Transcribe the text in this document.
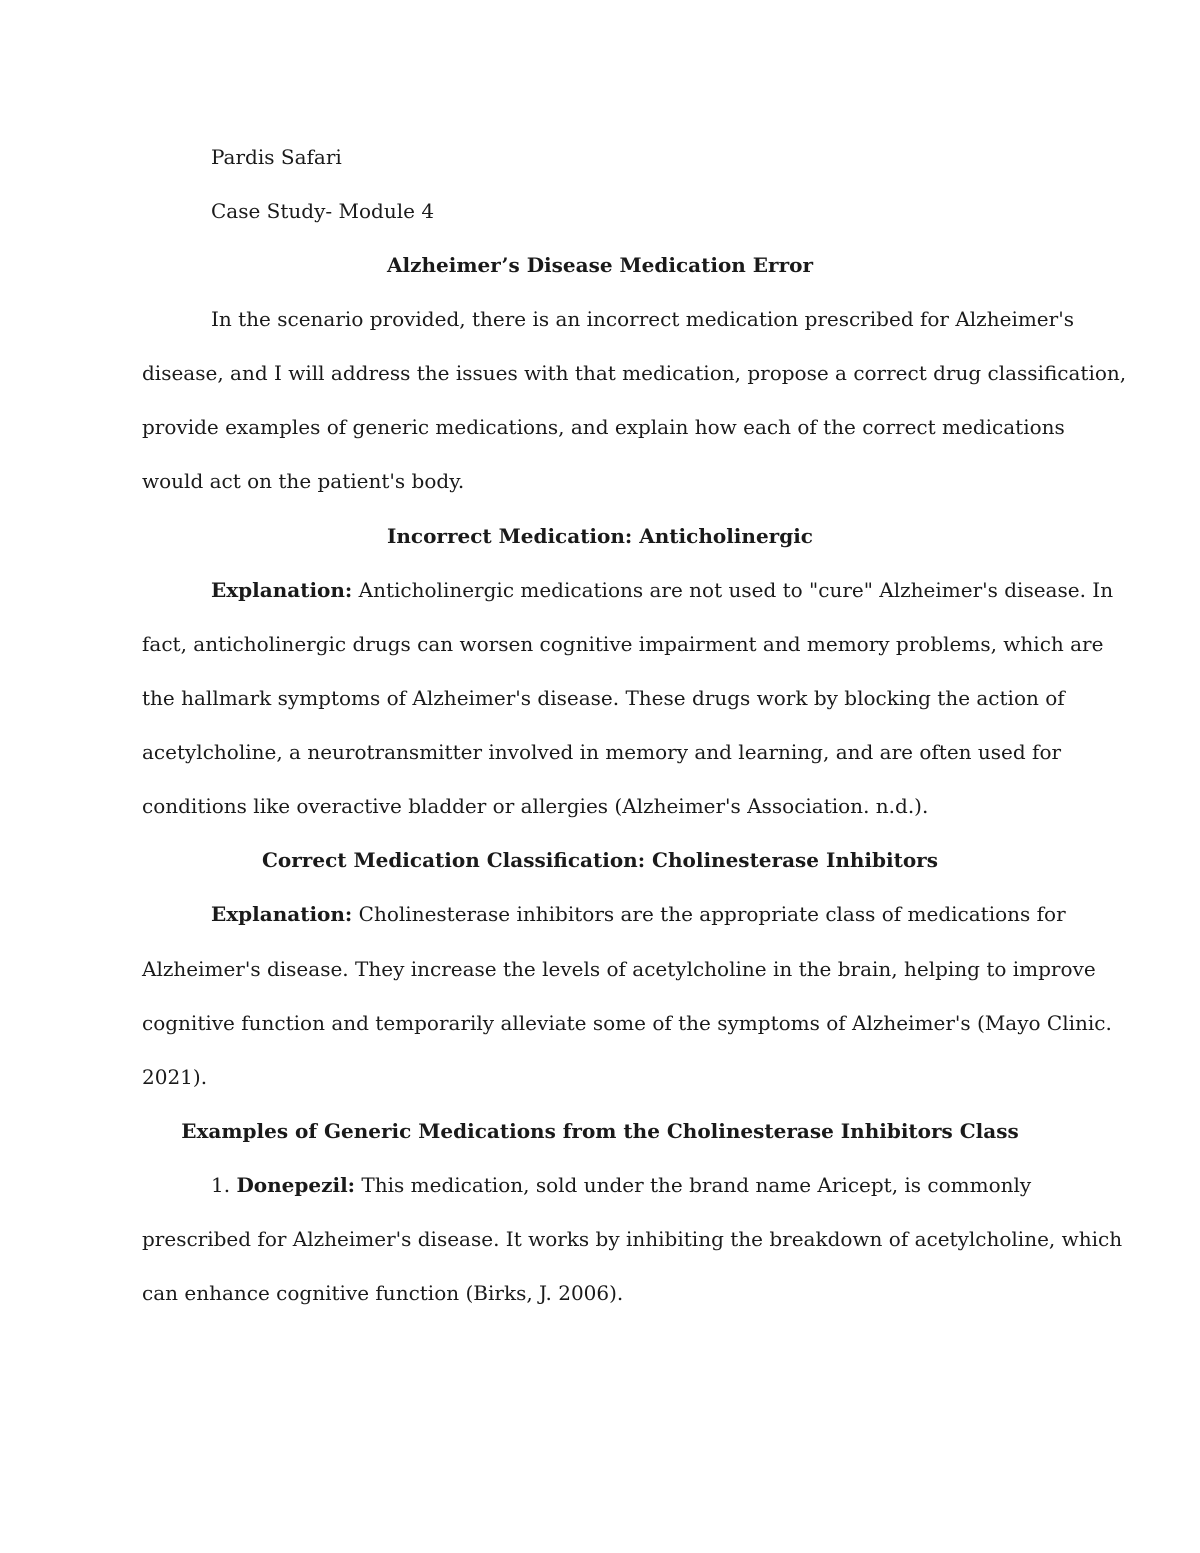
Pardis Safari
Case Study- Module 4
Alzheimer’s Disease Medication Error
In the scenario provided, there is an incorrect medication prescribed for Alzheimer's
disease, and I will address the issues with that medication, propose a correct drug classification,
provide examples of generic medications, and explain how each of the correct medications
would act on the patient's body.
Incorrect Medication: Anticholinergic
Explanation: Anticholinergic medications are not used to "cure" Alzheimer's disease. In
fact, anticholinergic drugs can worsen cognitive impairment and memory problems, which are
the hallmark symptoms of Alzheimer's disease. These drugs work by blocking the action of
acetylcholine, a neurotransmitter involved in memory and learning, and are often used for
conditions like overactive bladder or allergies (Alzheimer's Association. n.d.).
Correct Medication Classification: Cholinesterase Inhibitors
Explanation: Cholinesterase inhibitors are the appropriate class of medications for
Alzheimer's disease. They increase the levels of acetylcholine in the brain, helping to improve
cognitive function and temporarily alleviate some of the symptoms of Alzheimer's (Mayo Clinic.
2021).
Examples of Generic Medications from the Cholinesterase Inhibitors Class
1. Donepezil: This medication, sold under the brand name Aricept, is commonly
prescribed for Alzheimer's disease. It works by inhibiting the breakdown of acetylcholine, which
can enhance cognitive function (Birks, J. 2006).
